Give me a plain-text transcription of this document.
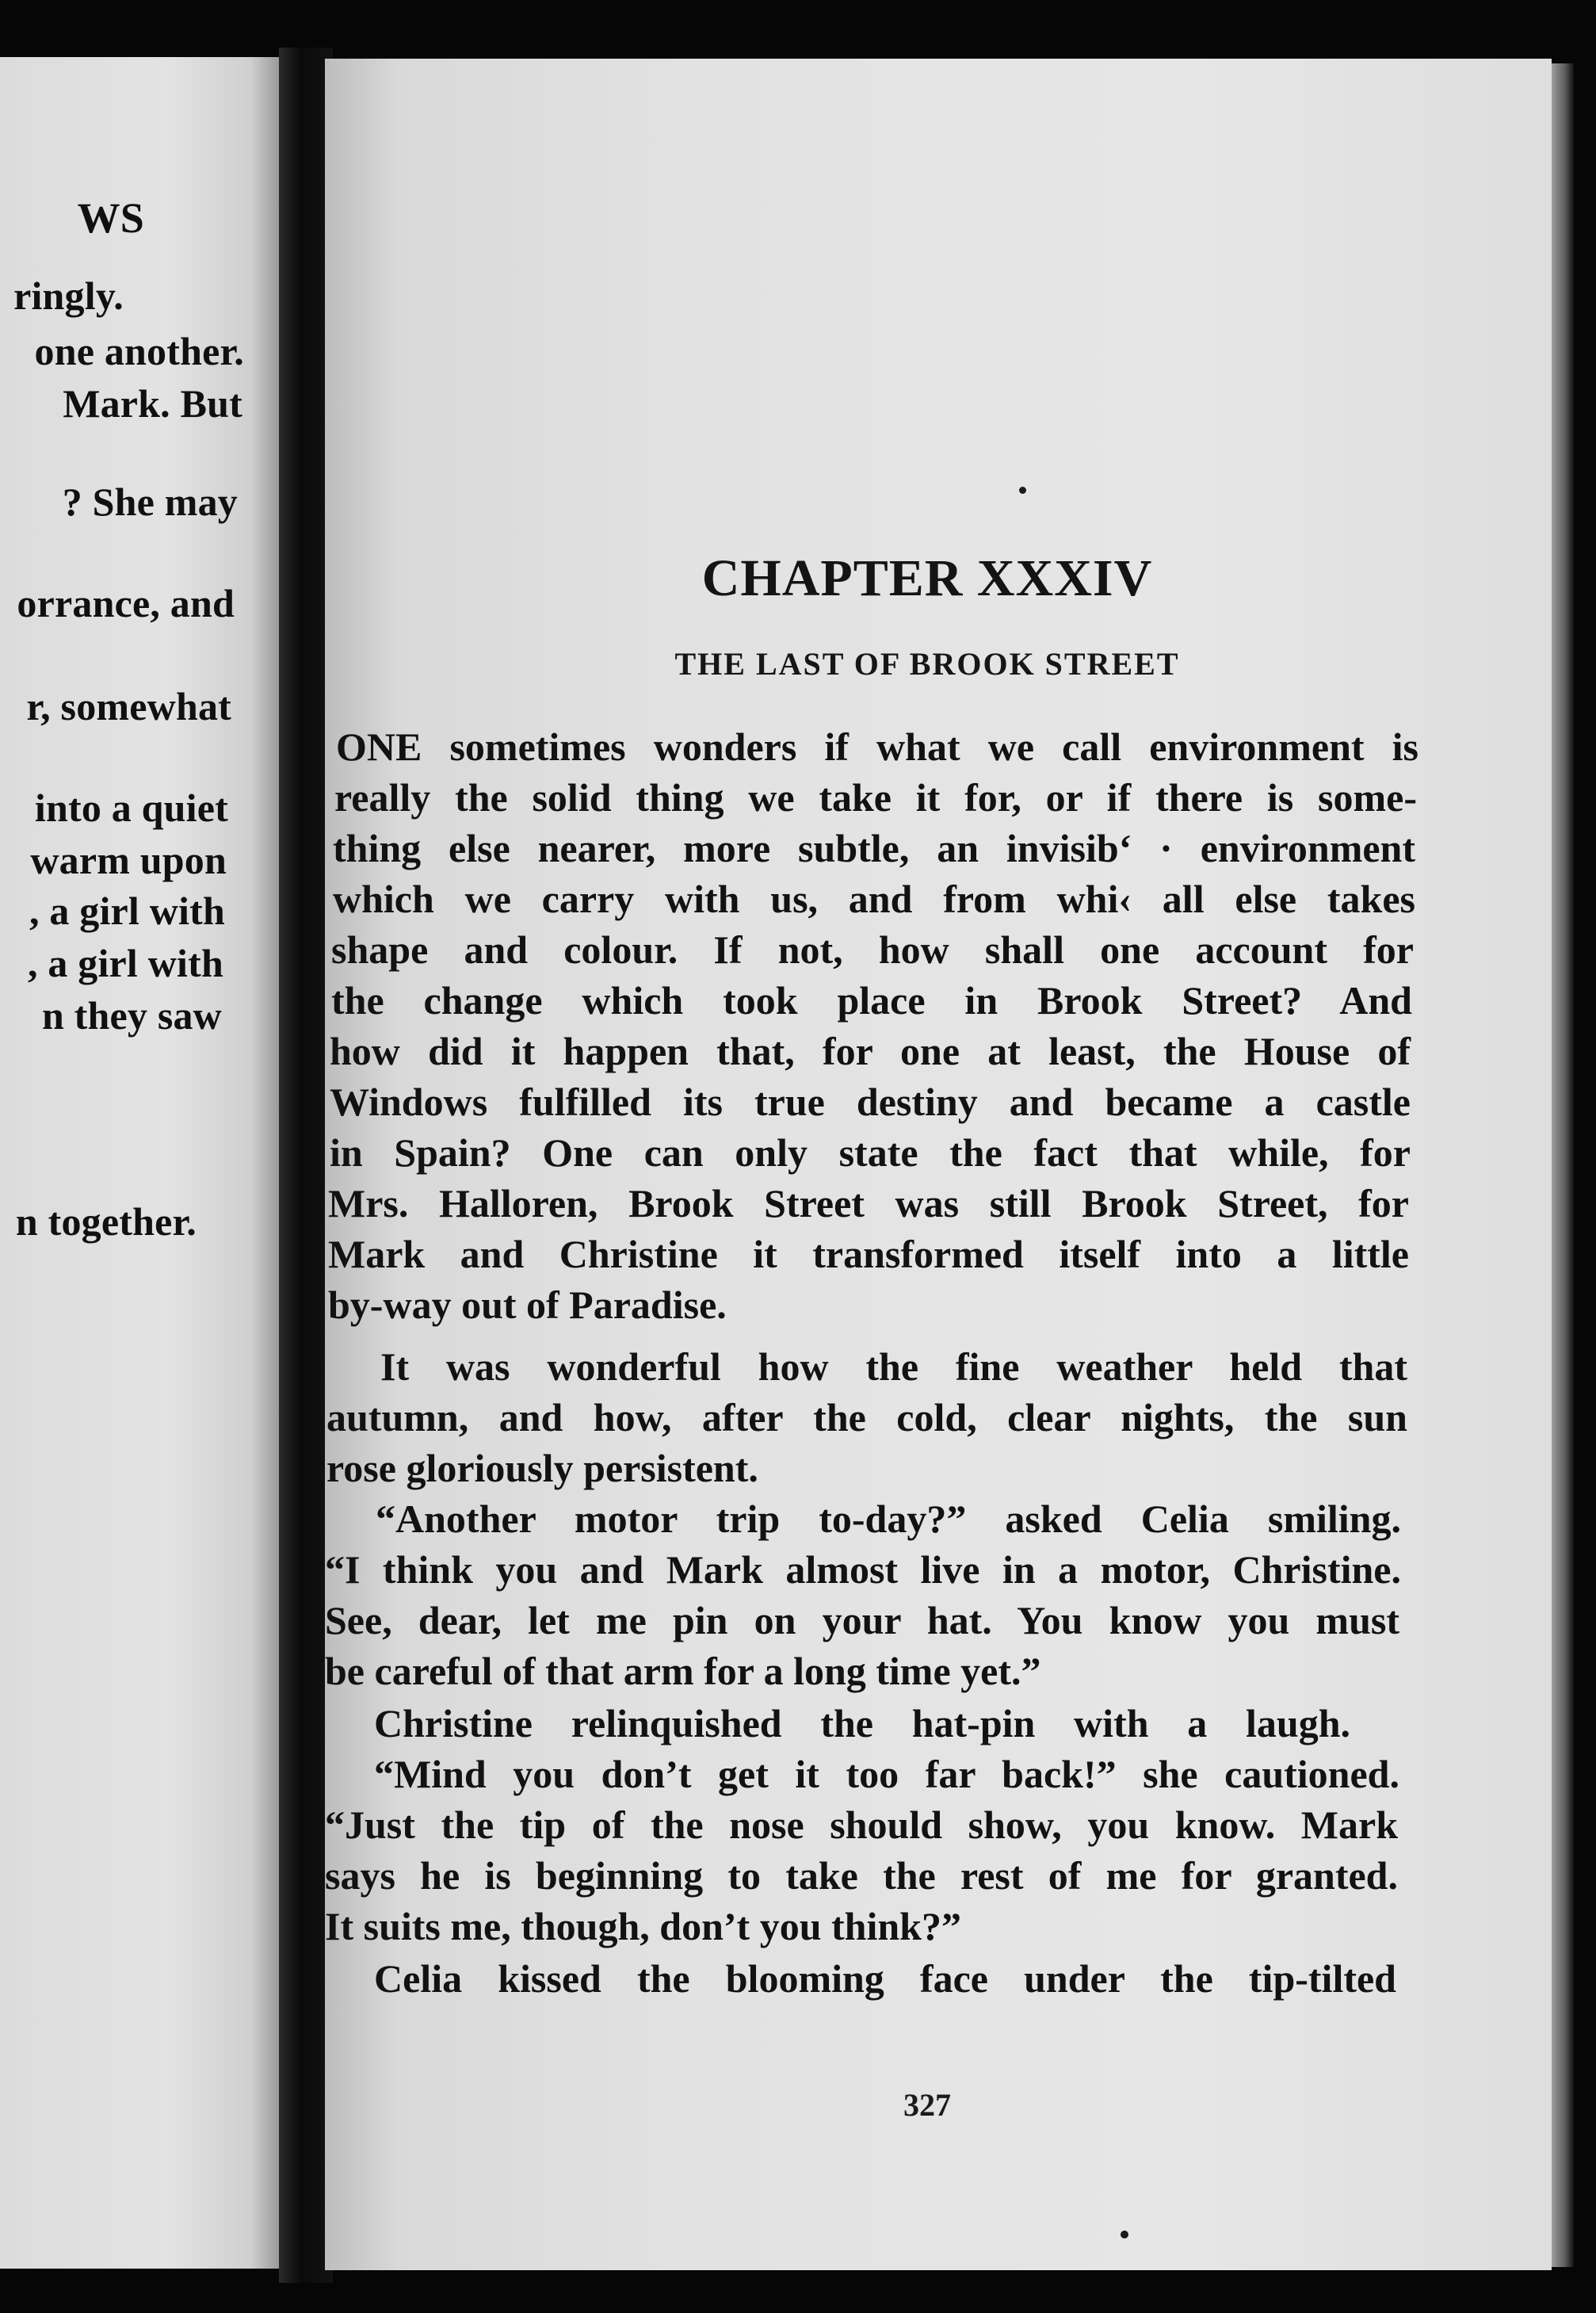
WS
ringly.
one another.
Mark. But
? She may
orrance, and
r, somewhat
into a quiet
warm upon
, a girl with
, a girl with
n they saw
n together.
CHAPTER XXXIV
THE LAST OF BROOK STREET
ONE sometimes wonders if what we call environment is
really the solid thing we take it for, or if there is some-
thing else nearer, more subtle, an invisib‘ · environment
which we carry with us, and from whi‹ all else takes
shape and colour. If not, how shall one account for
the change which took place in Brook Street? And
how did it happen that, for one at least, the House of
Windows fulfilled its true destiny and became a castle
in Spain? One can only state the fact that while, for
Mrs. Halloren, Brook Street was still Brook Street, for
Mark and Christine it transformed itself into a little
by-way out of Paradise.
It was wonderful how the fine weather held that
autumn, and how, after the cold, clear nights, the sun
rose gloriously persistent.
“Another motor trip to-day?” asked Celia smiling.
“I think you and Mark almost live in a motor, Christine.
See, dear, let me pin on your hat. You know you must
be careful of that arm for a long time yet.”
Christine relinquished the hat-pin with a laugh.
“Mind you don’t get it too far back!” she cautioned.
“Just the tip of the nose should show, you know. Mark
says he is beginning to take the rest of me for granted.
It suits me, though, don’t you think?”
Celia kissed the blooming face under the tip-tilted
327
